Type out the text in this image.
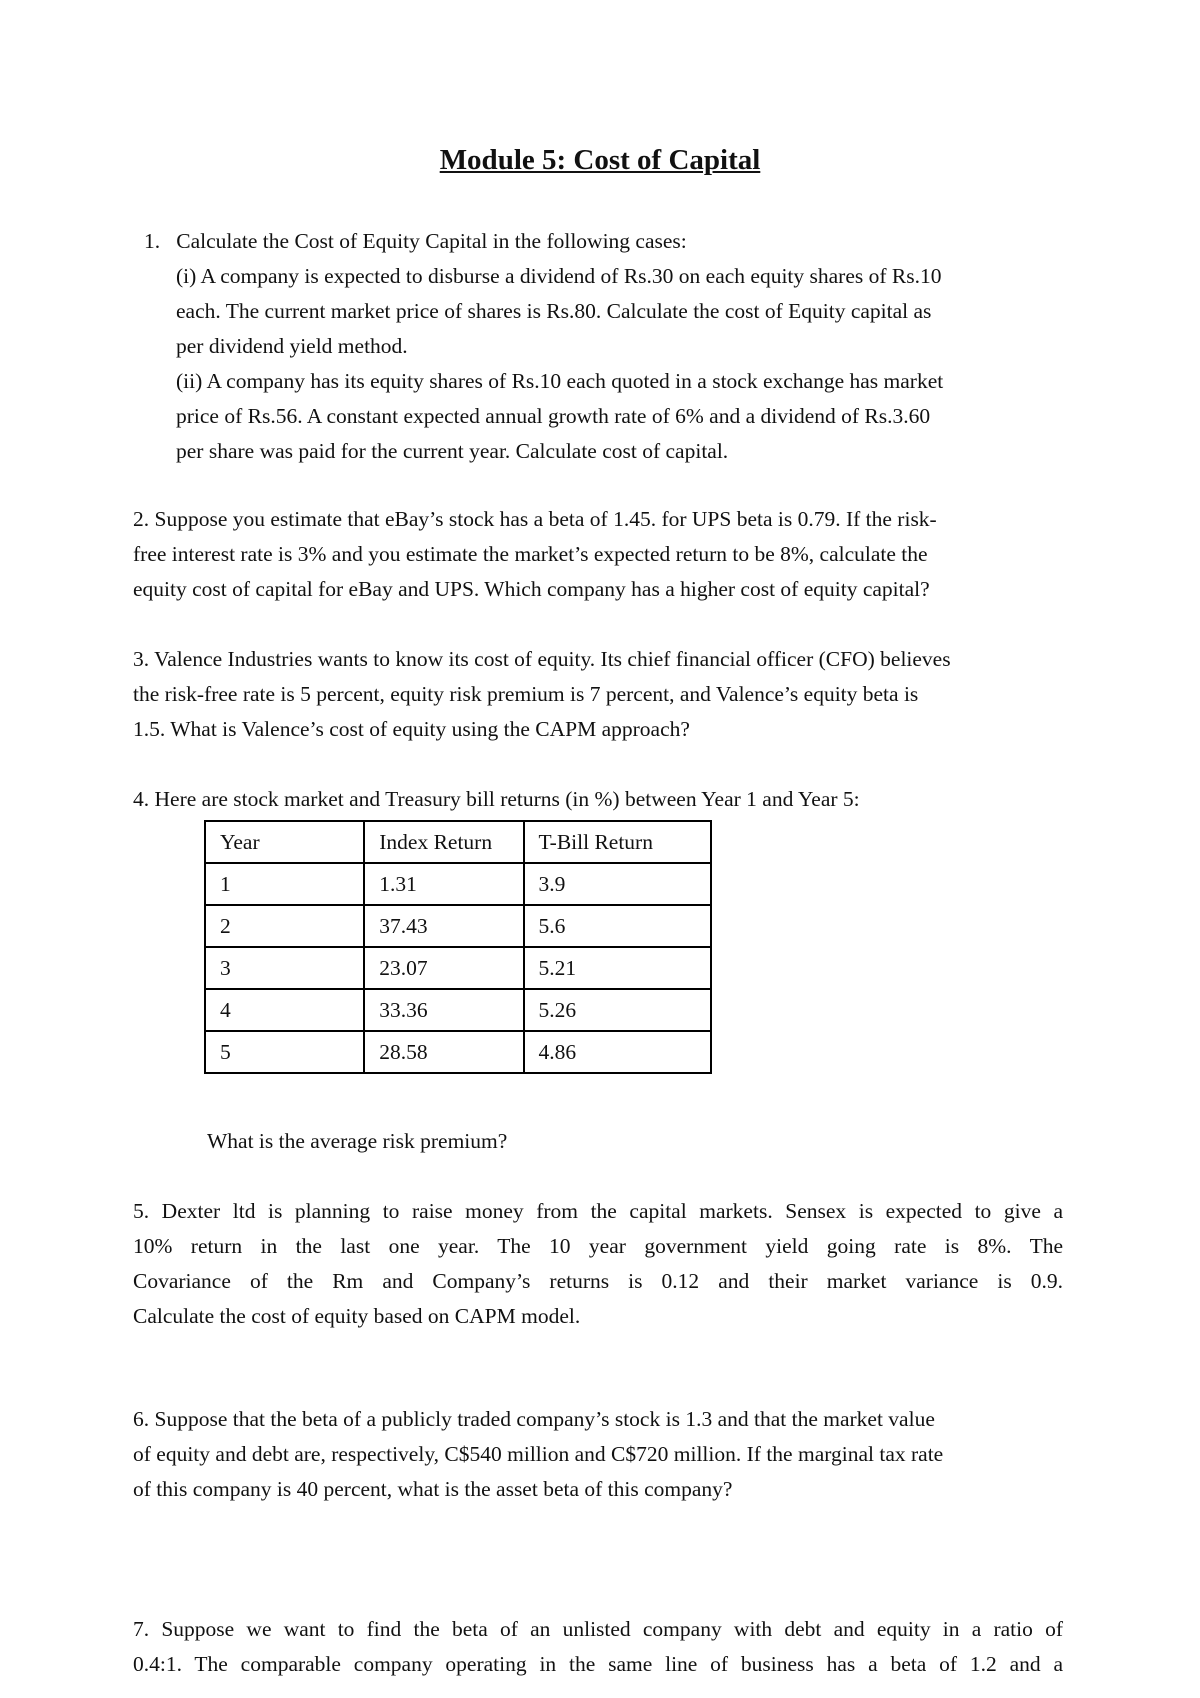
Module 5: Cost of Capital
1.   Calculate the Cost of Equity Capital in the following cases:
(i) A company is expected to disburse a dividend of Rs.30 on each equity shares of Rs.10
each. The current market price of shares is Rs.80. Calculate the cost of Equity capital as
per dividend yield method.
(ii) A company has its equity shares of Rs.10 each quoted in a stock exchange has market
price of Rs.56. A constant expected annual growth rate of 6% and a dividend of Rs.3.60
per share was paid for the current year. Calculate cost of capital.
2. Suppose you estimate that eBay’s stock has a beta of 1.45. for UPS beta is 0.79. If the risk-
free interest rate is 3% and you estimate the market’s expected return to be 8%, calculate the
equity cost of capital for eBay and UPS. Which company has a higher cost of equity capital?
3. Valence Industries wants to know its cost of equity. Its chief financial officer (CFO) believes
the risk-free rate is 5 percent, equity risk premium is 7 percent, and Valence’s equity beta is
1.5. What is Valence’s cost of equity using the CAPM approach?
4. Here are stock market and Treasury bill returns (in %) between Year 1 and Year 5:
Year	Index Return	T-Bill Return
1	1.31	3.9
2	37.43	5.6
3	23.07	5.21
4	33.36	5.26
5	28.58	4.86
What is the average risk premium?
5. Dexter ltd is planning to raise money from the capital markets. Sensex is expected to give a
10% return in the last one year. The 10 year government yield going rate is 8%. The
Covariance of the Rm and Company’s returns is 0.12 and their market variance is 0.9.
Calculate the cost of equity based on CAPM model.
6. Suppose that the beta of a publicly traded company’s stock is 1.3 and that the market value
of equity and debt are, respectively, C$540 million and C$720 million. If the marginal tax rate
of this company is 40 percent, what is the asset beta of this company?
7. Suppose we want to find the beta of an unlisted company with debt and equity in a ratio of
0.4:1. The comparable company operating in the same line of business has a beta of 1.2 and a
